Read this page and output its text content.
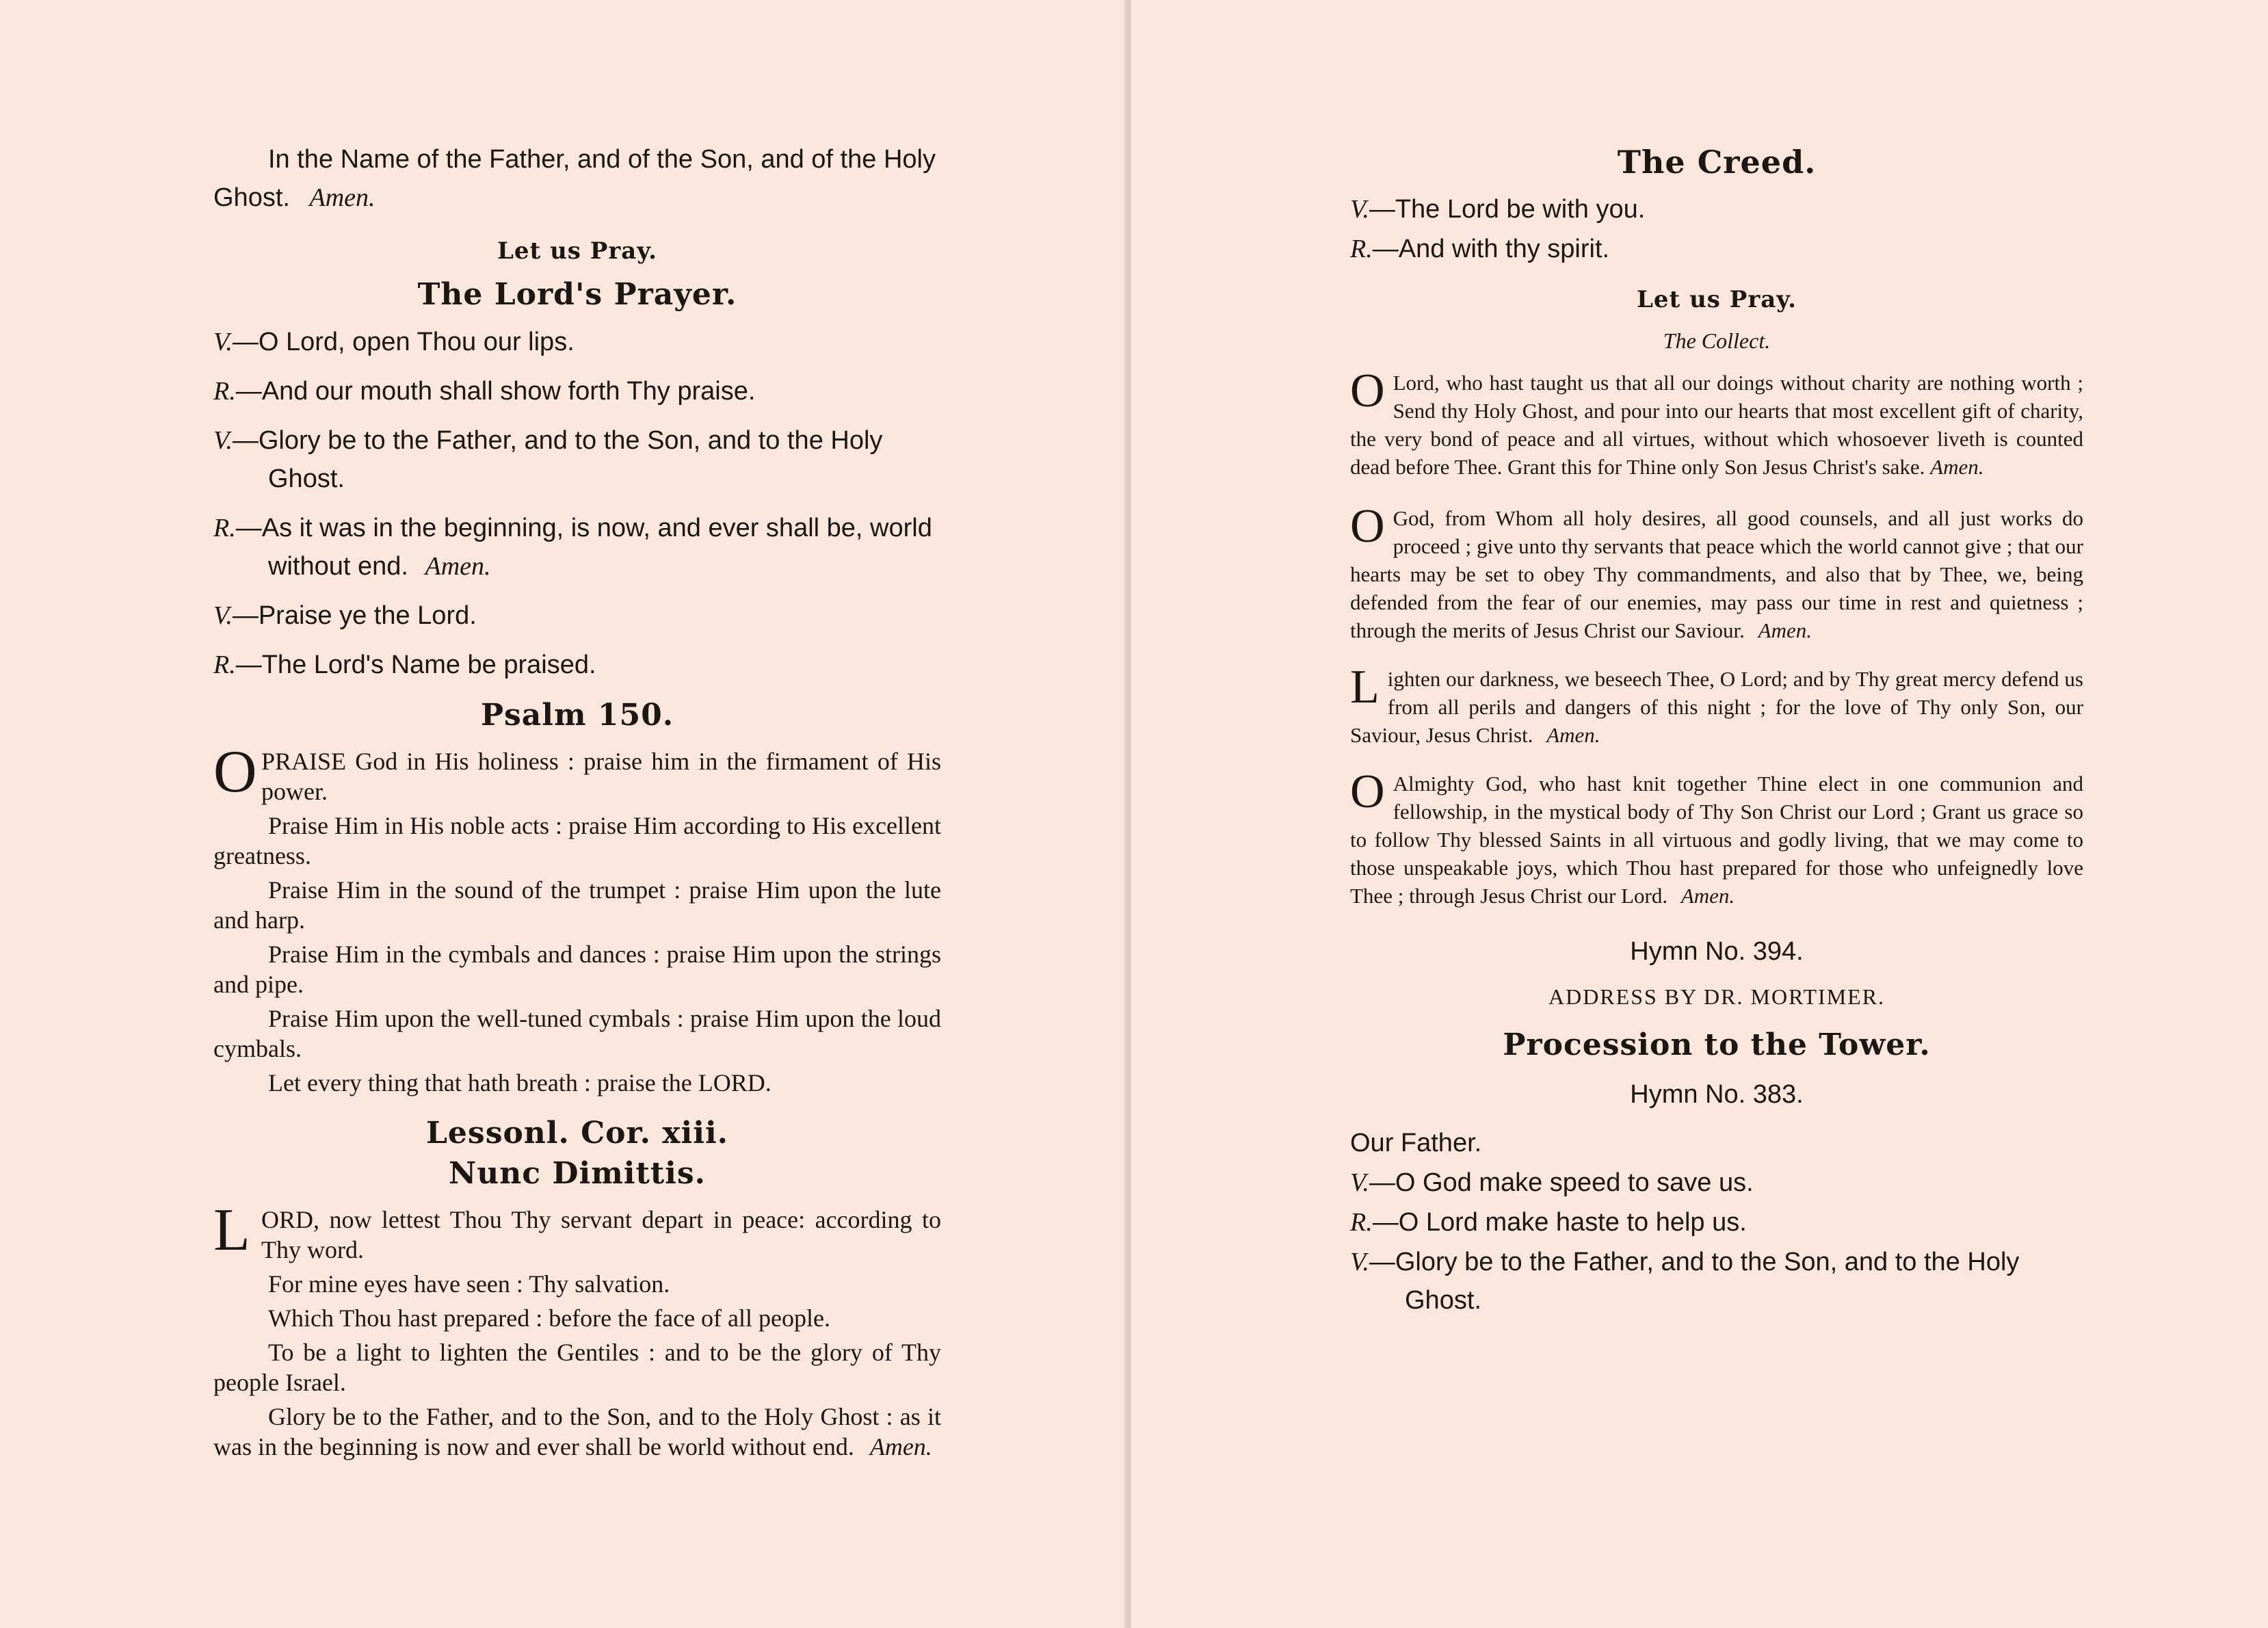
In the Name of the Father, and of the Son, and of the Holy Ghost. Amen.

Let us Pray.
The Lord's Prayer.
V.—O Lord, open Thou our lips.
R.—And our mouth shall show forth Thy praise.
V.—Glory be to the Father, and to the Son, and to the Holy Ghost.
R.—As it was in the beginning, is now, and ever shall be, world without end. Amen.
V.—Praise ye the Lord.
R.—The Lord's Name be praised.
Psalm 150.
O PRAISE God in His holiness : praise him in the firmament of His power.
Praise Him in His noble acts : praise Him according to His excellent greatness.
Praise Him in the sound of the trumpet : praise Him upon the lute and harp.
Praise Him in the cymbals and dances : praise Him upon the strings and pipe.
Praise Him upon the well-tuned cymbals : praise Him upon the loud cymbals.
Let every thing that hath breath : praise the LORD.
Lessonl. Cor. xiii.
Nunc Dimittis.
L ORD, now lettest Thou Thy servant depart in peace: according to Thy word.
For mine eyes have seen : Thy salvation.
Which Thou hast prepared : before the face of all people.
To be a light to lighten the Gentiles : and to be the glory of Thy people Israel.
Glory be to the Father, and to the Son, and to the Holy Ghost : as it was in the beginning is now and ever shall be world without end. Amen.
The Creed.
V.—The Lord be with you.
R.—And with thy spirit.
Let us Pray.
The Collect.
O Lord, who hast taught us that all our doings without charity are nothing worth ; Send thy Holy Ghost, and pour into our hearts that most excellent gift of charity, the very bond of peace and all virtues, without which whosoever liveth is counted dead before Thee. Grant this for Thine only Son Jesus Christ's sake. Amen.
O God, from Whom all holy desires, all good counsels, and all just works do proceed ; give unto thy servants that peace which the world cannot give ; that our hearts may be set to obey Thy commandments, and also that by Thee, we, being defended from the fear of our enemies, may pass our time in rest and quietness ; through the merits of Jesus Christ our Saviour. Amen.
L ighten our darkness, we beseech Thee, O Lord; and by Thy great mercy defend us from all perils and dangers of this night ; for the love of Thy only Son, our Saviour, Jesus Christ. Amen.
O Almighty God, who hast knit together Thine elect in one communion and fellowship, in the mystical body of Thy Son Christ our Lord ; Grant us grace so to follow Thy blessed Saints in all virtuous and godly living, that we may come to those unspeakable joys, which Thou hast prepared for those who unfeignedly love Thee ; through Jesus Christ our Lord. Amen.
Hymn No. 394.
ADDRESS BY DR. MORTIMER.
Procession to the Tower.
Hymn No. 383.
Our Father.
V.—O God make speed to save us.
R.—O Lord make haste to help us.
V.—Glory be to the Father, and to the Son, and to the Holy Ghost.
